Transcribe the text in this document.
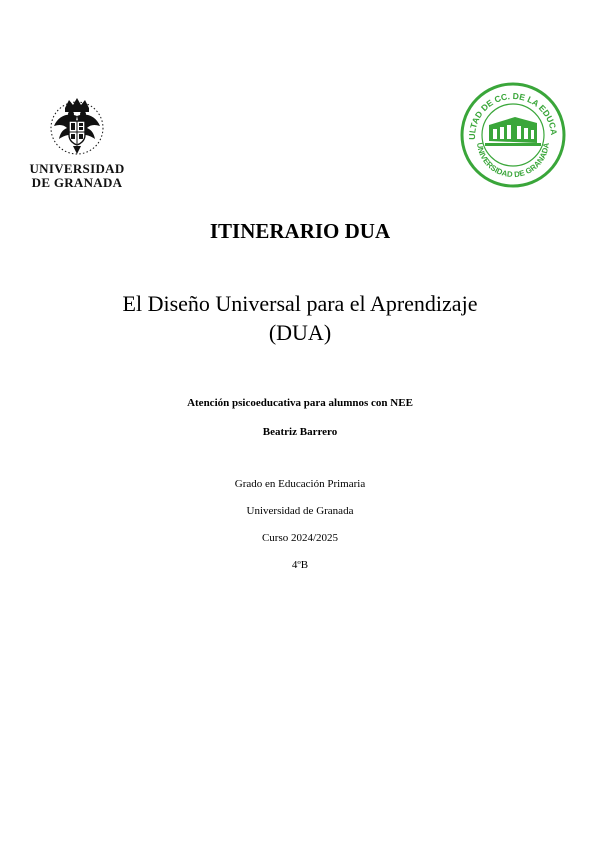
UNIVERSIDAD
DE GRANADA
ULTAD DE CC. DE LA EDUCA
UNIVERSIDAD DE GRANADA
ITINERARIO DUA
El Diseño Universal para el Aprendizaje
(DUA)
Atención psicoeducativa para alumnos con NEE
Beatriz Barrero
Grado en Educación Primaria
Universidad de Granada
Curso 2024/2025
4ºB
